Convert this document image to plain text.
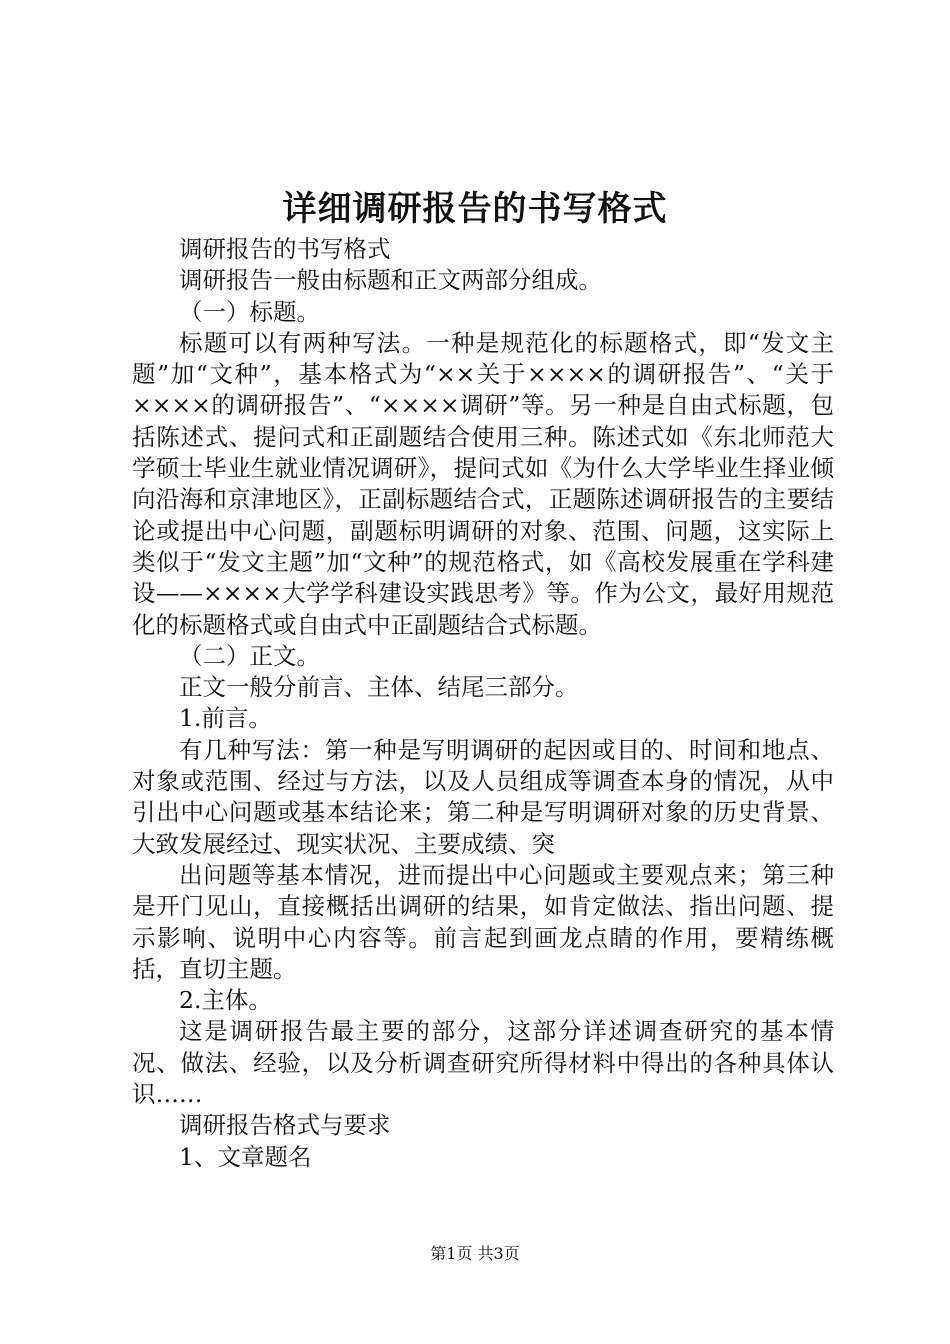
详细调研报告的书写格式

调研报告的书写格式

调研报告一般由标题和正文两部分组成。

（一）标题。

标题可以有两种写法。一种是规范化的标题格式，即“发文主题”加“文种”，基本格式为“××关于××××的调研报告”、“关于××××的调研报告”、“××××调研”等。另一种是自由式标题，包括陈述式、提问式和正副题结合使用三种。陈述式如《东北师范大学硕士毕业生就业情况调研》，提问式如《为什么大学毕业生择业倾向沿海和京津地区》，正副标题结合式，正题陈述调研报告的主要结论或提出中心问题，副题标明调研的对象、范围、问题，这实际上类似于“发文主题”加“文种”的规范格式，如《高校发展重在学科建设——××××大学学科建设实践思考》等。作为公文，最好用规范化的标题格式或自由式中正副题结合式标题。

（二）正文。

正文一般分前言、主体、结尾三部分。

1.前言。

有几种写法：第一种是写明调研的起因或目的、时间和地点、对象或范围、经过与方法，以及人员组成等调查本身的情况，从中引出中心问题或基本结论来；第二种是写明调研对象的历史背景、大致发展经过、现实状况、主要成绩、突

出问题等基本情况，进而提出中心问题或主要观点来；第三种是开门见山，直接概括出调研的结果，如肯定做法、指出问题、提示影响、说明中心内容等。前言起到画龙点睛的作用，要精练概括，直切主题。

2.主体。

这是调研报告最主要的部分，这部分详述调查研究的基本情况、做法、经验，以及分析调查研究所得材料中得出的各种具体认识……

调研报告格式与要求

1、文章题名

第1页 共3页
